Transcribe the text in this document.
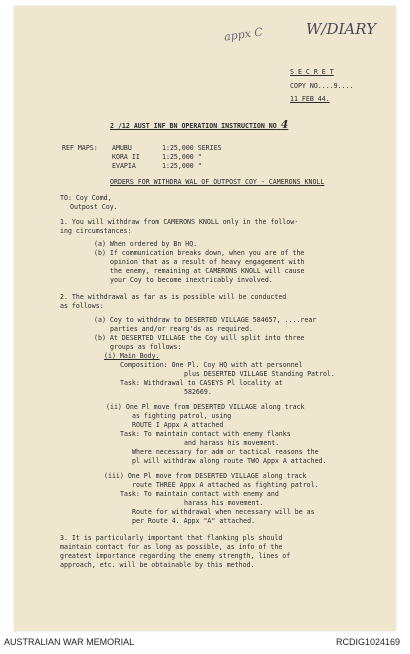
appx C	W/DIARY
S E C R E T
COPY NO....9....
11 FEB 44.
2 /12 AUST INF BN OPERATION INSTRUCTION NO 4
REF MAPS: AMUBU	1:25,000 SERIES
KORA II	1:25,000 "
EVAPIA	1:25,000 "
ORDERS FOR WITHDRA WAL OF OUTPOST COY - CAMERONS KNOLL
TO: Coy Comd,
Outpost Coy.
1. You will withdraw from CAMERONS KNOLL only in the follow-
ing circumstances:
(a) When ordered by Bn HQ.
(b) If communication breaks down, when you are of the
opinion that as a result of heavy engagement with
the enemy, remaining at CAMERONS KNOLL will cause
your Coy to become inextricably involved.
2. The withdrawal as far as is possible will be conducted
as follows:
(a) Coy to withdraw to DESERTED VILLAGE 584657, ....rear
parties and/or rearg'ds as required.
(b) At DESERTED VILLAGE the Coy will split into three
groups as follows:
(i) Main Body.
Composition: One Pl. Coy HQ with att personnel
plus DESERTED VILLAGE Standing Patrol.
Task: Withdrawal to CASEYS Pl locality at
582669.
(ii) One Pl move from DESERTED VILLAGE along track
as fighting patrol, using
ROUTE I Appx A attached
Task: To maintain contact with enemy flanks
and harass his movement.
Where necessary for adm or tactical reasons the
pl will withdraw along route TWO Appx A attached.
(iii) One Pl move from DESERTED VILLAGE along track
route THREE Appx A attached as fighting patrol.
Task: To maintain contact with enemy and
harass his movement.
Route for withdrawal when necessary will be as
per Route 4. Appx "A" attached.
3. It is particularly important that flanking pls should
maintain contact for as long as possible, as info of the
greatest importance regarding the enemy strength, lines of
approach, etc. will be obtainable by this method.
AUSTRALIAN WAR MEMORIAL	RCDIG1024169
